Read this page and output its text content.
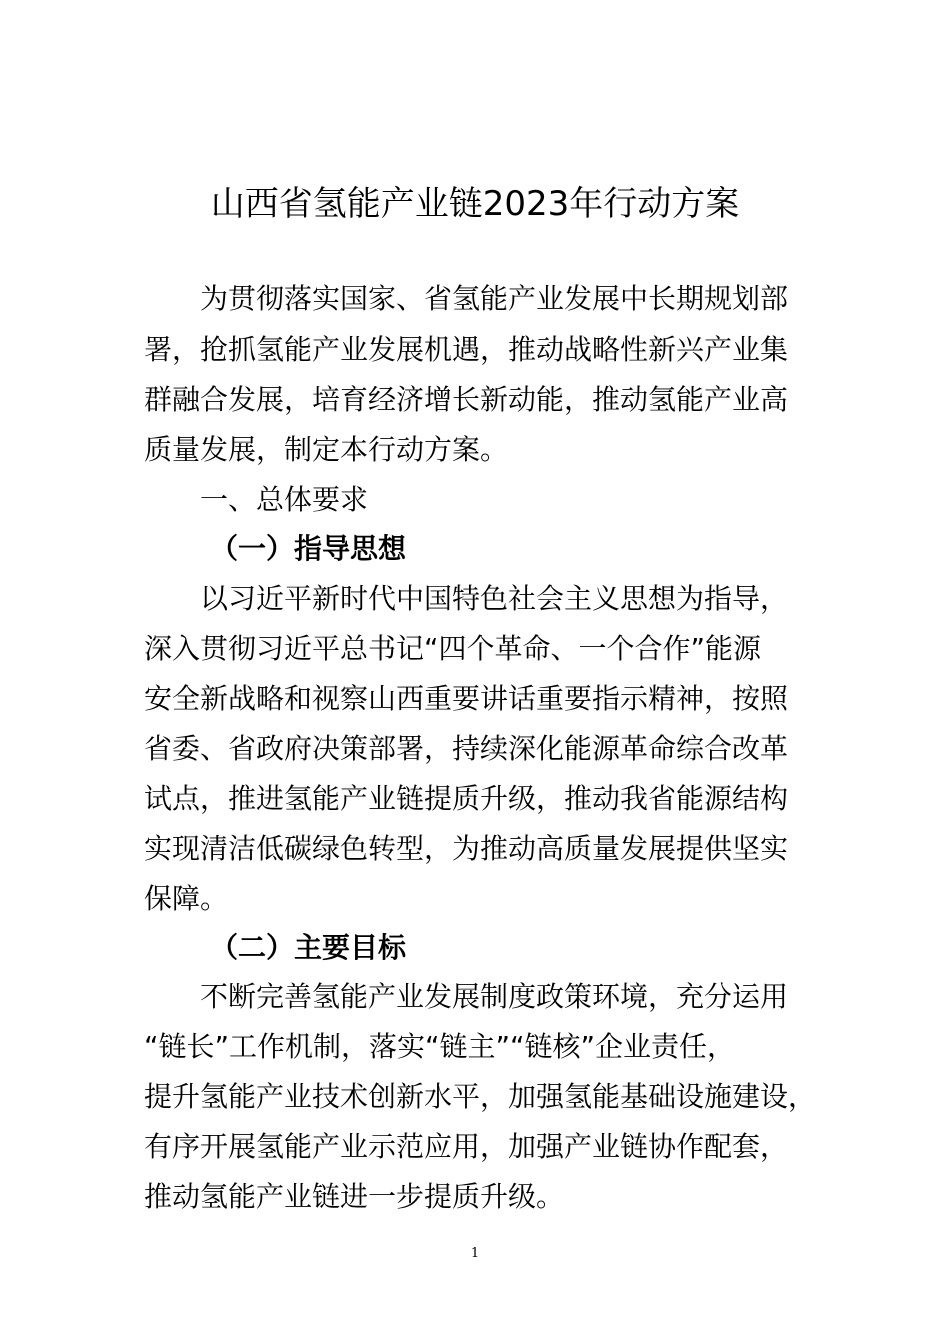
山西省氢能产业链2023年行动方案
为贯彻落实国家、省氢能产业发展中长期规划部
署，抢抓氢能产业发展机遇，推动战略性新兴产业集
群融合发展，培育经济增长新动能，推动氢能产业高
质量发展，制定本行动方案。
一、总体要求
（一）指导思想
以习近平新时代中国特色社会主义思想为指导，
深入贯彻习近平总书记“四个革命、一个合作”能源
安全新战略和视察山西重要讲话重要指示精神，按照
省委、省政府决策部署，持续深化能源革命综合改革
试点，推进氢能产业链提质升级，推动我省能源结构
实现清洁低碳绿色转型，为推动高质量发展提供坚实
保障。
（二）主要目标
不断完善氢能产业发展制度政策环境，充分运用
“链长”工作机制，落实“链主”“链核”企业责任，
提升氢能产业技术创新水平，加强氢能基础设施建设，
有序开展氢能产业示范应用，加强产业链协作配套，
推动氢能产业链进一步提质升级。
1
